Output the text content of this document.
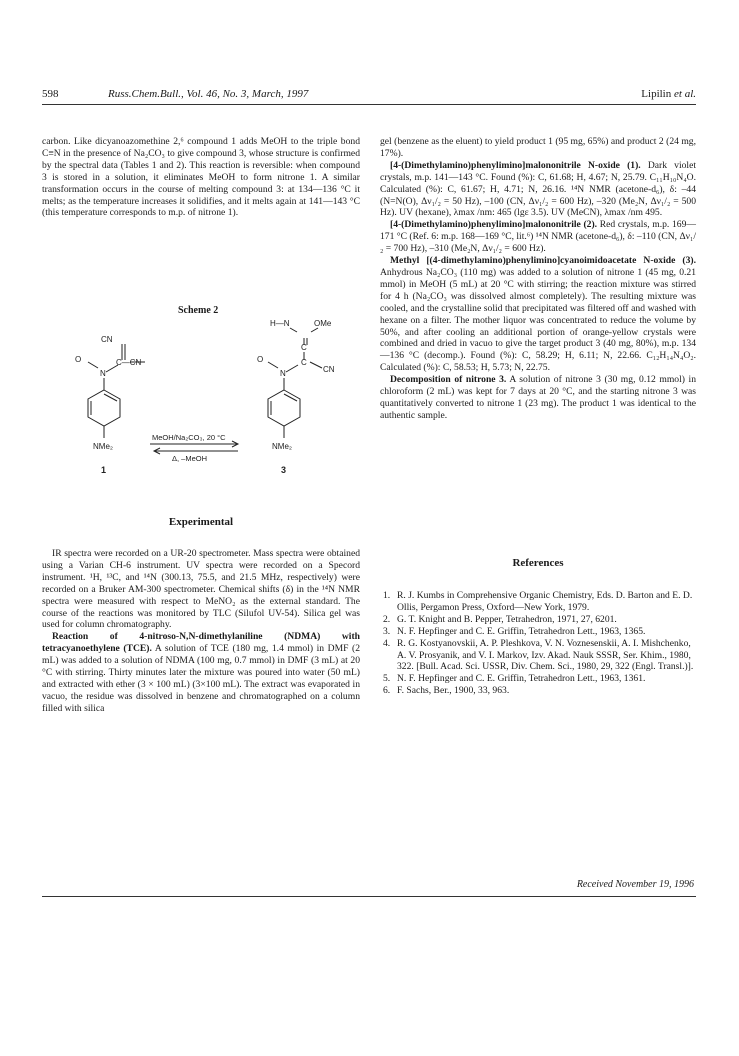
598	Russ.Chem.Bull., Vol. 46, No. 3, March, 1997	Lipilin et al.

carbon. Like dicyanoazomethine 2,⁶ compound 1 adds MeOH to the triple bond C≡N in the presence of Na₂CO₃ to give compound 3, whose structure is confirmed by the spectral data (Tables 1 and 2). This reaction is reversible: when compound 3 is stored in a solution, it eliminates MeOH to form nitrone 1. A similar transformation occurs in the course of melting compound 3: at 134—136 °C it melts; as the temperature increases it solidifies, and it melts again at 141—143 °C (this temperature corresponds to m.p. of nitrone 1).

Scheme 2
CN
C—CN
O
N
NMe₂
H—N	OMe
C
C
CN
O
N
NMe₂
MeOH/Na₂CO₃, 20 °C
Δ, –MeOH
1	3
Experimental

IR spectra were recorded on a UR-20 spectrometer. Mass spectra were obtained using a Varian CH-6 instrument. UV spectra were recorded on a Specord instrument. ¹H, ¹³C, and ¹⁴N (300.13, 75.5, and 21.5 MHz, respectively) were recorded on a Bruker AM-300 spectrometer. Chemical shifts (δ) in the ¹⁴N NMR spectra were measured with respect to MeNO₂ as the external standard. The course of the reactions was monitored by TLC (Silufol UV-54). Silica gel was used for column chromatography.

Reaction of 4-nitroso-N,N-dimethylaniline (NDMA) with tetracyanoethylene (TCE). A solution of TCE (180 mg, 1.4 mmol) in DMF (2 mL) was added to a solution of NDMA (100 mg, 0.7 mmol) in DMF (3 mL) at 20 °C with stirring. Thirty minutes later the mixture was poured into water (50 mL) and extracted with ether (3 × 100 mL) (3×100 mL). The extract was evaporated in vacuo, the residue was dissolved in benzene and chromatographed on a column filled with silica

gel (benzene as the eluent) to yield product 1 (95 mg, 65%) and product 2 (24 mg, 17%).

[4-(Dimethylamino)phenylimino]malononitrile N-oxide (1). Dark violet crystals, m.p. 141—143 °C. Found (%): C, 61.68; H, 4.67; N, 25.79. C₁₁H₁₀N₄O. Calculated (%): C, 61.67; H, 4.71; N, 26.16. ¹⁴N NMR (acetone-d₆), δ: –44 (N=N(O), Δν₁/₂ = 50 Hz), –100 (CN, Δν₁/₂ = 600 Hz), –320 (Me₂N, Δν₁/₂ = 500 Hz). UV (hexane), λmax /nm: 465 (lgε 3.5). UV (MeCN), λmax /nm 495.

[4-(Dimethylamino)phenylimino]malononitrile (2). Red crystals, m.p. 169—171 °C (Ref. 6: m.p. 168—169 °C, lit.⁶) ¹⁴N NMR (acetone-d₆), δ: –110 (CN, Δν₁/₂ = 700 Hz), –310 (Me₂N, Δν₁/₂ = 600 Hz).

Methyl [(4-dimethylamino)phenylimino]cyanoimidoacetate N-oxide (3). Anhydrous Na₂CO₃ (110 mg) was added to a solution of nitrone 1 (45 mg, 0.21 mmol) in MeOH (5 mL) at 20 °C with stirring; the reaction mixture was stirred for 4 h (Na₂CO₃ was dissolved almost completely). The resulting mixture was cooled, and the crystalline solid that precipitated was filtered off and washed with hexane on a filter. The mother liquor was concentrated to reduce the volume by 50%, and after cooling an additional portion of orange-yellow crystals were combined and dried in vacuo to give the target product 3 (40 mg, 80%), m.p. 134—136 °C (decomp.). Found (%): C, 58.29; H, 6.11; N, 22.66. C₁₂H₁₄N₄O₂. Calculated (%): C, 58.53; H, 5.73; N, 22.75.

Decomposition of nitrone 3. A solution of nitrone 3 (30 mg, 0.12 mmol) in chloroform (2 mL) was kept for 7 days at 20 °C, and the starting nitrone 3 was quantitatively converted to nitrone 1 (23 mg). The product 1 was identical to the authentic sample.

References
1. R. J. Kumbs in Comprehensive Organic Chemistry, Eds. D. Barton and E. D. Ollis, Pergamon Press, Oxford—New York, 1979.
2. G. T. Knight and B. Pepper, Tetrahedron, 1971, 27, 6201.
3. N. F. Hepfinger and C. E. Griffin, Tetrahedron Lett., 1963, 1365.
4. R. G. Kostyanovskii, A. P. Pleshkova, V. N. Voznesenskii, A. I. Mishchenko, A. V. Prosyanik, and V. I. Markov, Izv. Akad. Nauk SSSR, Ser. Khim., 1980, 322. [Bull. Acad. Sci. USSR, Div. Chem. Sci., 1980, 29, 322 (Engl. Transl.)].
5. N. F. Hepfinger and C. E. Griffin, Tetrahedron Lett., 1963, 1361.
6. F. Sachs, Ber., 1900, 33, 963.
Received November 19, 1996
